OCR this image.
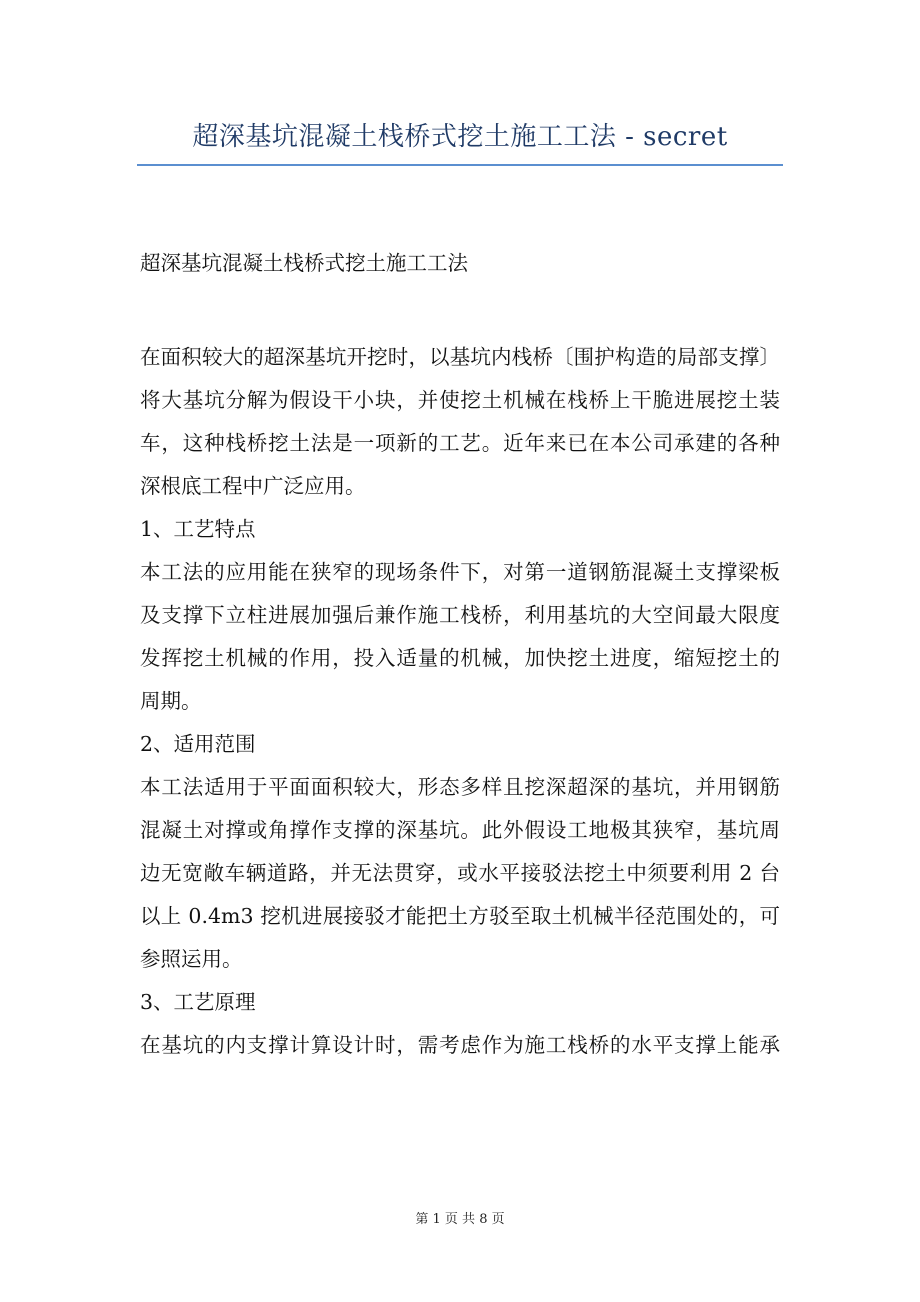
超深基坑混凝土栈桥式挖土施工工法 - secret
超深基坑混凝土栈桥式挖土施工工法
在面积较大的超深基坑开挖时，以基坑内栈桥〔围护构造的局部支撑〕
将大基坑分解为假设干小块，并使挖土机械在栈桥上干脆进展挖土装
车，这种栈桥挖土法是一项新的工艺。近年来已在本公司承建的各种
深根底工程中广泛应用。
1、工艺特点
本工法的应用能在狭窄的现场条件下，对第一道钢筋混凝土支撑梁板
及支撑下立柱进展加强后兼作施工栈桥，利用基坑的大空间最大限度
发挥挖土机械的作用，投入适量的机械，加快挖土进度，缩短挖土的
周期。
2、适用范围
本工法适用于平面面积较大，形态多样且挖深超深的基坑，并用钢筋
混凝土对撑或角撑作支撑的深基坑。此外假设工地极其狭窄，基坑周
边无宽敞车辆道路，并无法贯穿，或水平接驳法挖土中须要利用 2 台
以上 0.4m3 挖机进展接驳才能把土方驳至取土机械半径范围处的，可
参照运用。
3、工艺原理
在基坑的内支撑计算设计时，需考虑作为施工栈桥的水平支撑上能承
第 1 页 共 8 页
